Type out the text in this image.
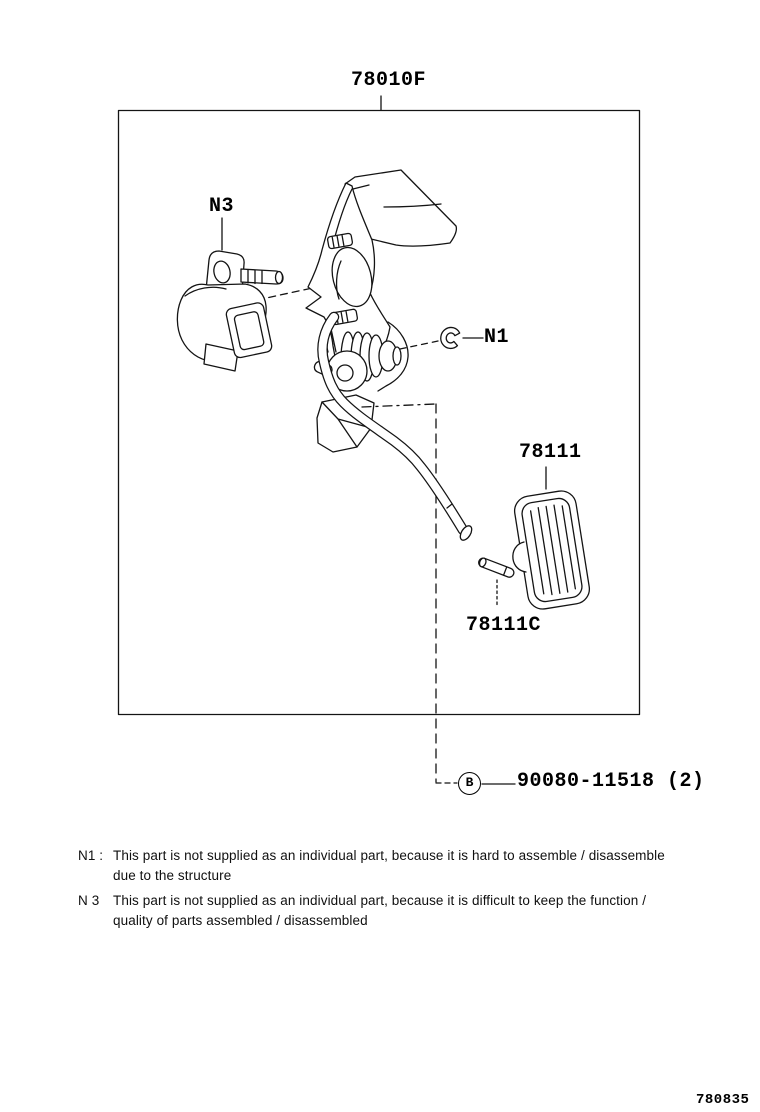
78010F
N3
N1
78111
78111C
B	90080-11518 (2)
N1 : This part is not supplied as an individual part, because it is hard to assemble / disassemble
due to the structure
N 3	This part is not supplied as an individual part, because it is difficult to keep the function /
quality of parts assembled / disassembled
780835
